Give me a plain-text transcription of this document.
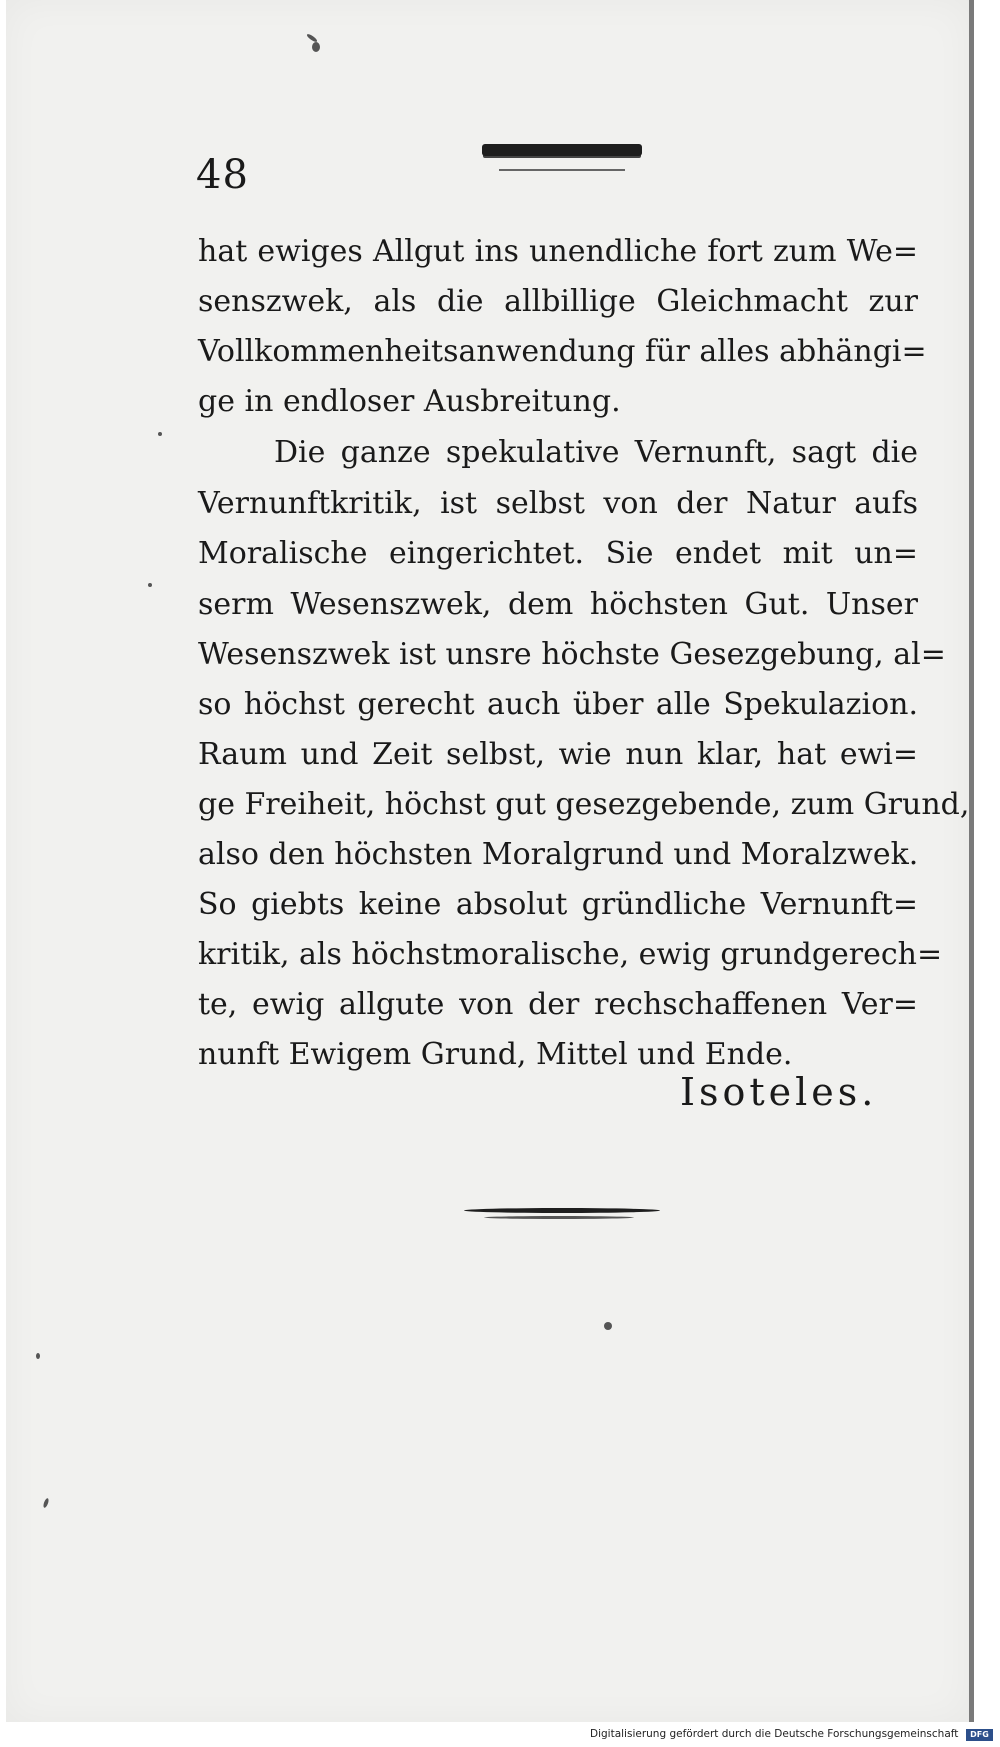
48
hat ewiges Allgut ins unendliche fort zum We=
senszwek, als die allbillige Gleichmacht zur
Vollkommenheitsanwendung für alles abhängi=
ge in endloser Ausbreitung.
Die ganze spekulative Vernunft, sagt die
Vernunftkritik, ist selbst von der Natur aufs
Moralische eingerichtet. Sie endet mit un=
serm Wesenszwek, dem höchsten Gut. Unser
Wesenszwek ist unsre höchste Gesezgebung, al=
so höchst gerecht auch über alle Spekulazion.
Raum und Zeit selbst, wie nun klar, hat ewi=
ge Freiheit, höchst gut gesezgebende, zum Grund,
also den höchsten Moralgrund und Moralzwek.
So giebts keine absolut gründliche Vernunft=
kritik, als höchstmoralische, ewig grundgerech=
te, ewig allgute von der rechschaffenen Ver=
nunft Ewigem Grund, Mittel und Ende.
Isoteles.
Digitalisierung gefördert durch die Deutsche Forschungsgemeinschaft	DFG
